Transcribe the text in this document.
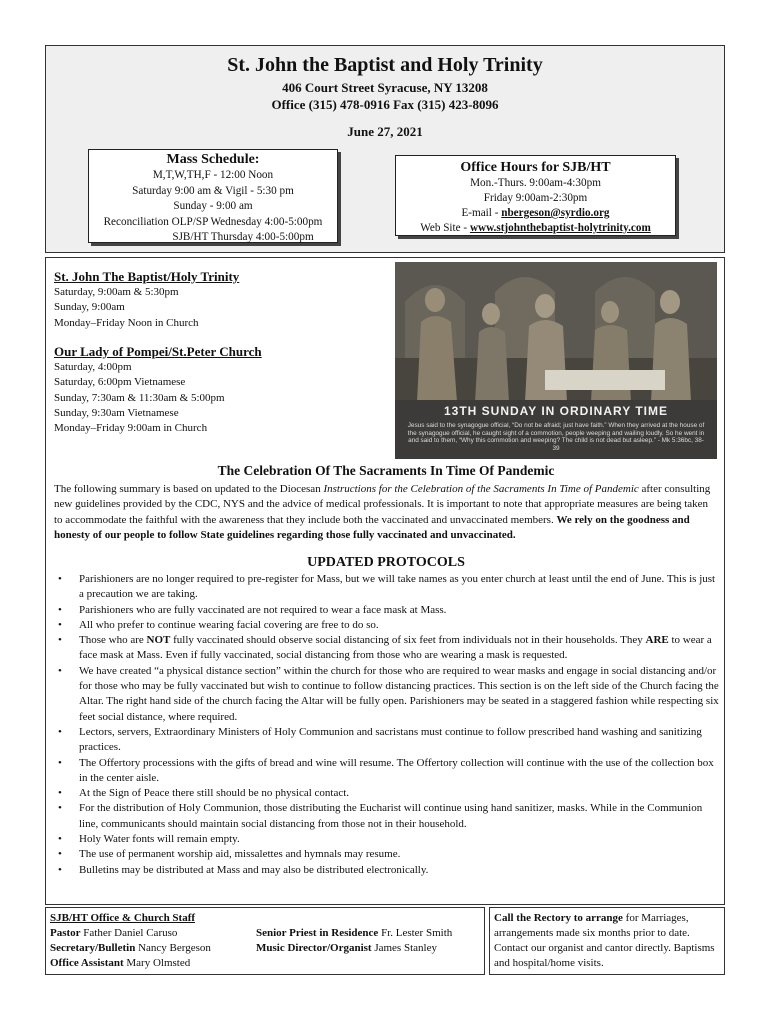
St. John the Baptist and Holy Trinity
406 Court Street Syracuse, NY 13208
Office (315) 478-0916 Fax (315) 423-8096
June 27, 2021
Mass Schedule:
M,T,W,TH,F - 12:00 Noon
Saturday 9:00 am & Vigil - 5:30 pm
Sunday - 9:00 am
Reconciliation OLP/SP Wednesday 4:00-5:00pm
SJB/HT Thursday 4:00-5:00pm
Office Hours for SJB/HT
Mon.-Thurs. 9:00am-4:30pm
Friday 9:00am-2:30pm
E-mail - nbergeson@syrdio.org
Web Site - www.stjohnthebaptist-holytrinity.com
St. John The Baptist/Holy Trinity
Saturday, 9:00am & 5:30pm
Sunday, 9:00am
Monday–Friday Noon in Church
Our Lady of Pompei/St.Peter Church
Saturday, 4:00pm
Saturday, 6:00pm Vietnamese
Sunday, 7:30am & 11:30am & 5:00pm
Sunday, 9:30am Vietnamese
Monday–Friday 9:00am in Church
13TH SUNDAY IN ORDINARY TIME
Jesus said to the synagogue official, “Do not be afraid; just have faith.” When they arrived at the house of the synagogue official, he caught sight of a commotion, people weeping and wailing loudly. So he went in and said to them, “Why this commotion and weeping? The child is not dead but asleep.” - Mk 5:36bc, 38-39
The Celebration Of The Sacraments In Time Of Pandemic
The following summary is based on updated to the Diocesan Instructions for the Celebration of the Sacraments In Time of Pandemic after consulting new guidelines provided by the CDC, NYS and the advice of medical professionals. It is important to note that appropriate measures are being taken to accommodate the faithful with the awareness that they include both the vaccinated and unvaccinated members. We rely on the goodness and honesty of our people to follow State guidelines regarding those fully vaccinated and unvaccinated.
UPDATED PROTOCOLS
• Parishioners are no longer required to pre-register for Mass, but we will take names as you enter church at least until the end of June. This is just a precaution we are taking.
• Parishioners who are fully vaccinated are not required to wear a face mask at Mass.
• All who prefer to continue wearing facial covering are free to do so.
• Those who are NOT fully vaccinated should observe social distancing of six feet from individuals not in their households. They ARE to wear a face mask at Mass. Even if fully vaccinated, social distancing from those who are wearing a mask is requested.
• We have created “a physical distance section” within the church for those who are required to wear masks and engage in social distancing and/or for those who may be fully vaccinated but wish to continue to follow distancing practices. This section is on the left side of the Church facing the Altar. The right hand side of the church facing the Altar will be fully open. Parishioners may be seated in a staggered fashion while respecting six feet social distance, where required.
• Lectors, servers, Extraordinary Ministers of Holy Communion and sacristans must continue to follow prescribed hand washing and sanitizing practices.
• The Offertory processions with the gifts of bread and wine will resume. The Offertory collection will continue with the use of the collection box in the center aisle.
• At the Sign of Peace there still should be no physical contact.
• For the distribution of Holy Communion, those distributing the Eucharist will continue using hand sanitizer, masks. While in the Communion line, communicants should maintain social distancing from those not in their household.
• Holy Water fonts will remain empty.
• The use of permanent worship aid, missalettes and hymnals may resume.
• Bulletins may be distributed at Mass and may also be distributed electronically.
SJB/HT Office & Church Staff
Pastor Father Daniel Caruso
Secretary/Bulletin Nancy Bergeson
Office Assistant Mary Olmsted
Senior Priest in Residence Fr. Lester Smith
Music Director/Organist James Stanley
Call the Rectory to arrange for Marriages, arrangements made six months prior to date. Contact our organist and cantor directly. Baptisms and hospital/home visits.
